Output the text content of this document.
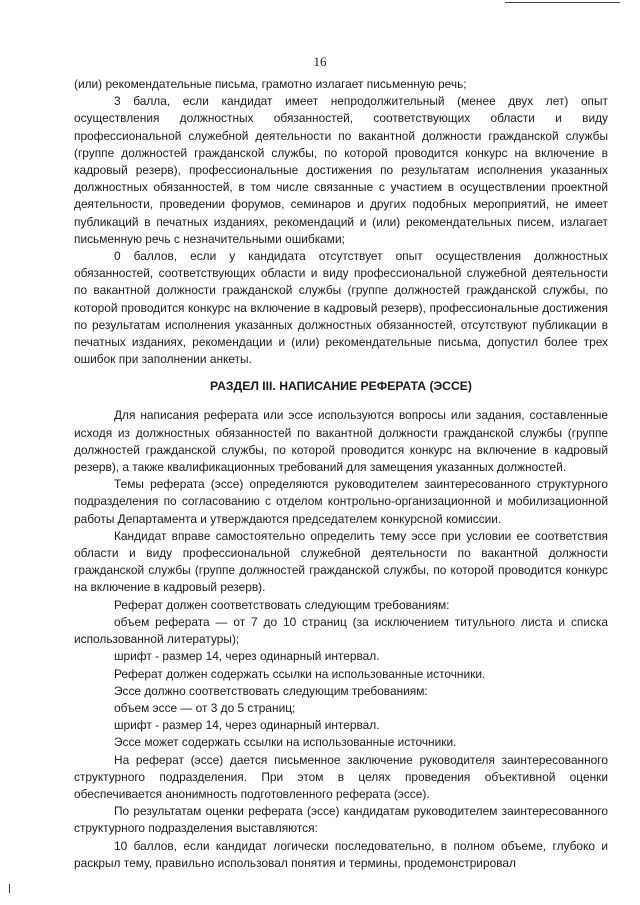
16

(или) рекомендательные письма, грамотно излагает письменную речь;

3 балла, если кандидат имеет непродолжительный (менее двух лет) опыт осуществления должностных обязанностей, соответствующих области и виду профессиональной служебной деятельности по вакантной должности гражданской службы (группе должностей гражданской службы, по которой проводится конкурс на включение в кадровый резерв), профессиональные достижения по результатам исполнения указанных должностных обязанностей, в том числе связанные с участием в осуществлении проектной деятельности, проведении форумов, семинаров и других подобных мероприятий, не имеет публикаций в печатных изданиях, рекомендаций и (или) рекомендательных писем, излагает письменную речь с незначительными ошибками;

0 баллов, если у кандидата отсутствует опыт осуществления должностных обязанностей, соответствующих области и виду профессиональной служебной деятельности по вакантной должности гражданской службы (группе должностей гражданской службы, по которой проводится конкурс на включение в кадровый резерв), профессиональные достижения по результатам исполнения указанных должностных обязанностей, отсутствуют публикации в печатных изданиях, рекомендации и (или) рекомендательные письма, допустил более трех ошибок при заполнении анкеты.

РАЗДЕЛ III. НАПИСАНИЕ РЕФЕРАТА (ЭССЕ)

Для написания реферата или эссе используются вопросы или задания, составленные исходя из должностных обязанностей по вакантной должности гражданской службы (группе должностей гражданской службы, по которой проводится конкурс на включение в кадровый резерв), а также квалификационных требований для замещения указанных должностей.

Темы реферата (эссе) определяются руководителем заинтересованного структурного подразделения по согласованию с отделом контрольно-организационной и мобилизационной работы Департамента и утверждаются председателем конкурсной комиссии.

Кандидат вправе самостоятельно определить тему эссе при условии ее соответствия области и виду профессиональной служебной деятельности по вакантной должности гражданской службы (группе должностей гражданской службы, по которой проводится конкурс на включение в кадровый резерв).

Реферат должен соответствовать следующим требованиям:

объем реферата — от 7 до 10 страниц (за исключением титульного листа и списка использованной литературы);

шрифт - размер 14, через одинарный интервал.

Реферат должен содержать ссылки на использованные источники.

Эссе должно соответствовать следующим требованиям:

объем эссе — от 3 до 5 страниц;

шрифт - размер 14, через одинарный интервал.

Эссе может содержать ссылки на использованные источники.

На реферат (эссе) дается письменное заключение руководителя заинтересованного структурного подразделения. При этом в целях проведения объективной оценки обеспечивается анонимность подготовленного реферата (эссе).

По результатам оценки реферата (эссе) кандидатам руководителем заинтересованного структурного подразделения выставляются:

10 баллов, если кандидат логически последовательно, в полном объеме, глубоко и раскрыл тему, правильно использовал понятия и термины, продемонстрировал
